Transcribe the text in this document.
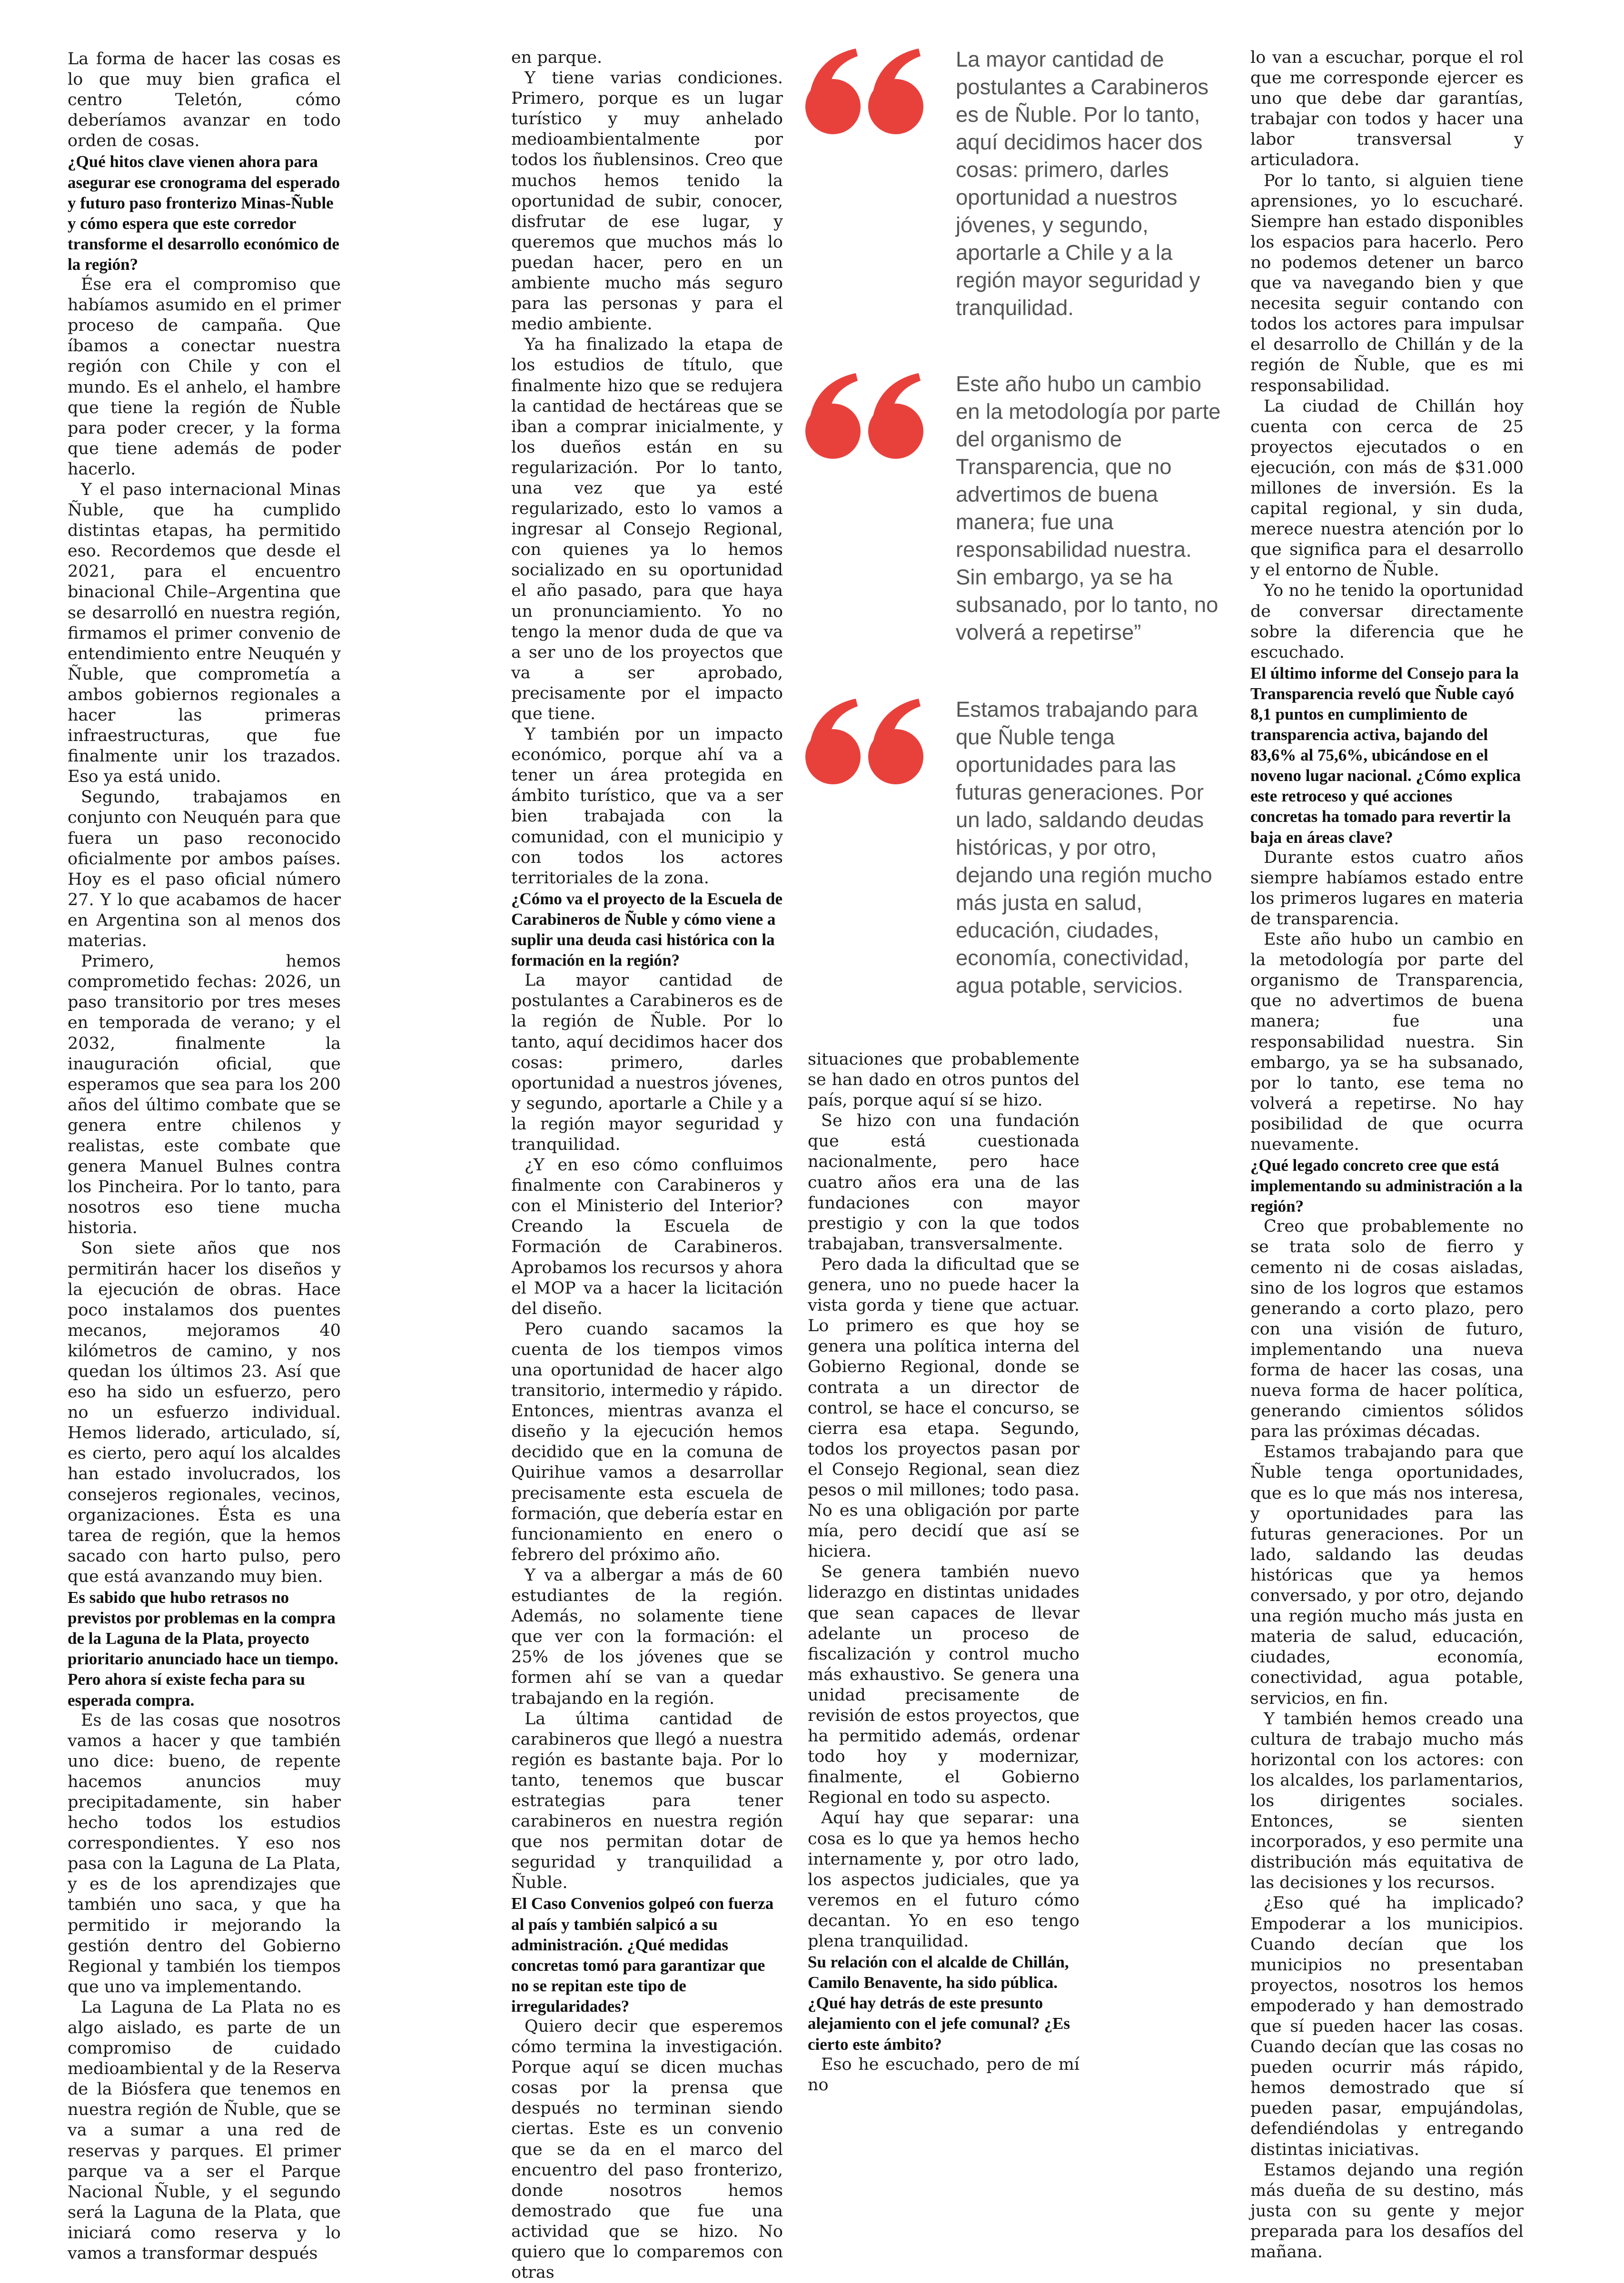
La forma de hacer las cosas es lo que muy bien grafica el centro Teletón, cómo deberíamos avanzar en todo orden de cosas.

¿Qué hitos clave vienen ahora para asegurar ese cronograma del esperado y futuro paso fronterizo Minas-Ñuble y cómo espera que este corredor transforme el desarrollo económico de la región?

Ése era el compromiso que habíamos asumido en el primer proceso de campaña. Que íbamos a conectar nuestra región con Chile y con el mundo. Es el anhelo, el hambre que tiene la región de Ñuble para poder crecer, y la forma que tiene además de poder hacerlo.

Y el paso internacional Minas Ñuble, que ha cumplido distintas etapas, ha permitido eso. Recordemos que desde el 2021, para el encuentro binacional Chile–Argentina que se desarrolló en nuestra región, firmamos el primer convenio de entendimiento entre Neuquén y Ñuble, que comprometía a ambos gobiernos regionales a hacer las primeras infraestructuras, que fue finalmente unir los trazados. Eso ya está unido.

Segundo, trabajamos en conjunto con Neuquén para que fuera un paso reconocido oficialmente por ambos países. Hoy es el paso oficial número 27. Y lo que acabamos de hacer en Argentina son al menos dos materias.

Primero, hemos comprometido fechas: 2026, un paso transitorio por tres meses en temporada de verano; y el 2032, finalmente la inauguración oficial, que esperamos que sea para los 200 años del último combate que se genera entre chilenos y realistas, este combate que genera Manuel Bulnes contra los Pincheira. Por lo tanto, para nosotros eso tiene mucha historia.

Son siete años que nos permitirán hacer los diseños y la ejecución de obras. Hace poco instalamos dos puentes mecanos, mejoramos 40 kilómetros de camino, y nos quedan los últimos 23. Así que eso ha sido un esfuerzo, pero no un esfuerzo individual. Hemos liderado, articulado, sí, es cierto, pero aquí los alcaldes han estado involucrados, los consejeros regionales, vecinos, organizaciones. Ésta es una tarea de región, que la hemos sacado con harto pulso, pero que está avanzando muy bien.

Es sabido que hubo retrasos no previstos por problemas en la compra de la Laguna de la Plata, proyecto prioritario anunciado hace un tiempo. Pero ahora sí existe fecha para su esperada compra.

Es de las cosas que nosotros vamos a hacer y que también uno dice: bueno, de repente hacemos anuncios muy precipitadamente, sin haber hecho todos los estudios correspondientes. Y eso nos pasa con la Laguna de La Plata, y es de los aprendizajes que también uno saca, y que ha permitido ir mejorando la gestión dentro del Gobierno Regional y también los tiempos que uno va implementando.

La Laguna de La Plata no es algo aislado, es parte de un compromiso de cuidado medioambiental y de la Reserva de la Biósfera que tenemos en nuestra región de Ñuble, que se va a sumar a una red de reservas y parques. El primer parque va a ser el Parque Nacional Ñuble, y el segundo será la Laguna de la Plata, que iniciará como reserva y lo vamos a transformar después

en parque.

Y tiene varias condiciones. Primero, porque es un lugar turístico y muy anhelado medioambientalmente por todos los ñublensinos. Creo que muchos hemos tenido la oportunidad de subir, conocer, disfrutar de ese lugar, y queremos que muchos más lo puedan hacer, pero en un ambiente mucho más seguro para las personas y para el medio ambiente.

Ya ha finalizado la etapa de los estudios de título, que finalmente hizo que se redujera la cantidad de hectáreas que se iban a comprar inicialmente, y los dueños están en su regularización. Por lo tanto, una vez que ya esté regularizado, esto lo vamos a ingresar al Consejo Regional, con quienes ya lo hemos socializado en su oportunidad el año pasado, para que haya un pronunciamiento. Yo no tengo la menor duda de que va a ser uno de los proyectos que va a ser aprobado, precisamente por el impacto que tiene.

Y también por un impacto económico, porque ahí va a tener un área protegida en ámbito turístico, que va a ser bien trabajada con la comunidad, con el municipio y con todos los actores territoriales de la zona.

¿Cómo va el proyecto de la Escuela de Carabineros de Ñuble y cómo viene a suplir una deuda casi histórica con la formación en la región?

La mayor cantidad de postulantes a Carabineros es de la región de Ñuble. Por lo tanto, aquí decidimos hacer dos cosas: primero, darles oportunidad a nuestros jóvenes, y segundo, aportarle a Chile y a la región mayor seguridad y tranquilidad.

¿Y en eso cómo confluimos finalmente con Carabineros y con el Ministerio del Interior? Creando la Escuela de Formación de Carabineros. Aprobamos los recursos y ahora el MOP va a hacer la licitación del diseño.

Pero cuando sacamos la cuenta de los tiempos vimos una oportunidad de hacer algo transitorio, intermedio y rápido. Entonces, mientras avanza el diseño y la ejecución hemos decidido que en la comuna de Quirihue vamos a desarrollar precisamente esta escuela de formación, que debería estar en funcionamiento en enero o febrero del próximo año.

Y va a albergar a más de 60 estudiantes de la región. Además, no solamente tiene que ver con la formación: el 25% de los jóvenes que se formen ahí se van a quedar trabajando en la región.

La última cantidad de carabineros que llegó a nuestra región es bastante baja. Por lo tanto, tenemos que buscar estrategias para tener carabineros en nuestra región que nos permitan dotar de seguridad y tranquilidad a Ñuble.

El Caso Convenios golpeó con fuerza al país y también salpicó a su administración. ¿Qué medidas concretas tomó para garantizar que no se repitan este tipo de irregularidades?

Quiero decir que esperemos cómo termina la investigación. Porque aquí se dicen muchas cosas por la prensa que después no terminan siendo ciertas. Este es un convenio que se da en el marco del encuentro del paso fronterizo, donde nosotros hemos demostrado que fue una actividad que se hizo. No quiero que lo comparemos con otras

situaciones que probablemente se han dado en otros puntos del país, porque aquí sí se hizo.

Se hizo con una fundación que está cuestionada nacionalmente, pero hace cuatro años era una de las fundaciones con mayor prestigio y con la que todos trabajaban, transversalmente.

Pero dada la dificultad que se genera, uno no puede hacer la vista gorda y tiene que actuar. Lo primero es que hoy se genera una política interna del Gobierno Regional, donde se contrata a un director de control, se hace el concurso, se cierra esa etapa. Segundo, todos los proyectos pasan por el Consejo Regional, sean diez pesos o mil millones; todo pasa. No es una obligación por parte mía, pero decidí que así se hiciera.

Se genera también nuevo liderazgo en distintas unidades que sean capaces de llevar adelante un proceso de fiscalización y control mucho más exhaustivo. Se genera una unidad precisamente de revisión de estos proyectos, que ha permitido además, ordenar todo hoy y modernizar, finalmente, el Gobierno Regional en todo su aspecto.

Aquí hay que separar: una cosa es lo que ya hemos hecho internamente y, por otro lado, los aspectos judiciales, que ya veremos en el futuro cómo decantan. Yo en eso tengo plena tranquilidad.

Su relación con el alcalde de Chillán, Camilo Benavente, ha sido pública. ¿Qué hay detrás de este presunto alejamiento con el jefe comunal? ¿Es cierto este ámbito?

Eso he escuchado, pero de mí no

lo van a escuchar, porque el rol que me corresponde ejercer es uno que debe dar garantías, trabajar con todos y hacer una labor transversal y articuladora.

Por lo tanto, si alguien tiene aprensiones, yo lo escucharé. Siempre han estado disponibles los espacios para hacerlo. Pero no podemos detener un barco que va navegando bien y que necesita seguir contando con todos los actores para impulsar el desarrollo de Chillán y de la región de Ñuble, que es mi responsabilidad.

La ciudad de Chillán hoy cuenta con cerca de 25 proyectos ejecutados o en ejecución, con más de $31.000 millones de inversión. Es la capital regional, y sin duda, merece nuestra atención por lo que significa para el desarrollo y el entorno de Ñuble.

Yo no he tenido la oportunidad de conversar directamente sobre la diferencia que he escuchado.

El último informe del Consejo para la Transparencia reveló que Ñuble cayó 8,1 puntos en cumplimiento de transparencia activa, bajando del 83,6% al 75,6%, ubicándose en el noveno lugar nacional. ¿Cómo explica este retroceso y qué acciones concretas ha tomado para revertir la baja en áreas clave?

Durante estos cuatro años siempre habíamos estado entre los primeros lugares en materia de transparencia.

Este año hubo un cambio en la metodología por parte del organismo de Transparencia, que no advertimos de buena manera; fue una responsabilidad nuestra. Sin embargo, ya se ha subsanado, por lo tanto, ese tema no volverá a repetirse. No hay posibilidad de que ocurra nuevamente.

¿Qué legado concreto cree que está implementando su administración a la región?

Creo que probablemente no se trata solo de fierro y cemento ni de cosas aisladas, sino de los logros que estamos generando a corto plazo, pero con una visión de futuro, implementando una nueva forma de hacer las cosas, una nueva forma de hacer política, generando cimientos sólidos para las próximas décadas.

Estamos trabajando para que Ñuble tenga oportunidades, que es lo que más nos interesa, y oportunidades para las futuras generaciones. Por un lado, saldando las deudas históricas que ya hemos conversado, y por otro, dejando una región mucho más justa en materia de salud, educación, ciudades, economía, conectividad, agua potable, servicios, en fin.

Y también hemos creado una cultura de trabajo mucho más horizontal con los actores: con los alcaldes, los parlamentarios, los dirigentes sociales. Entonces, se sienten incorporados, y eso permite una distribución más equitativa de las decisiones y los recursos.

¿Eso qué ha implicado? Empoderar a los municipios. Cuando decían que los municipios no presentaban proyectos, nosotros los hemos empoderado y han demostrado que sí pueden hacer las cosas. Cuando decían que las cosas no pueden ocurrir más rápido, hemos demostrado que sí pueden pasar, empujándolas, defendiéndolas y entregando distintas iniciativas.

Estamos dejando una región más dueña de su destino, más justa con su gente y mejor preparada para los desafíos del mañana.

La mayor cantidad de postulantes a Carabineros es de Ñuble. Por lo tanto, aquí decidimos hacer dos cosas: primero, darles oportunidad a nuestros jóvenes, y segundo, aportarle a Chile y a la región mayor seguridad y tranquilidad.

Este año hubo un cambio en la metodología por parte del organismo de Transparencia, que no advertimos de buena manera; fue una responsabilidad nuestra. Sin embargo, ya se ha subsanado, por lo tanto, no volverá a repetirse”

Estamos trabajando para que Ñuble tenga oportunidades para las futuras generaciones. Por un lado, saldando deudas históricas, y por otro, dejando una región mucho más justa en salud, educación, ciudades, economía, conectividad, agua potable, servicios.
